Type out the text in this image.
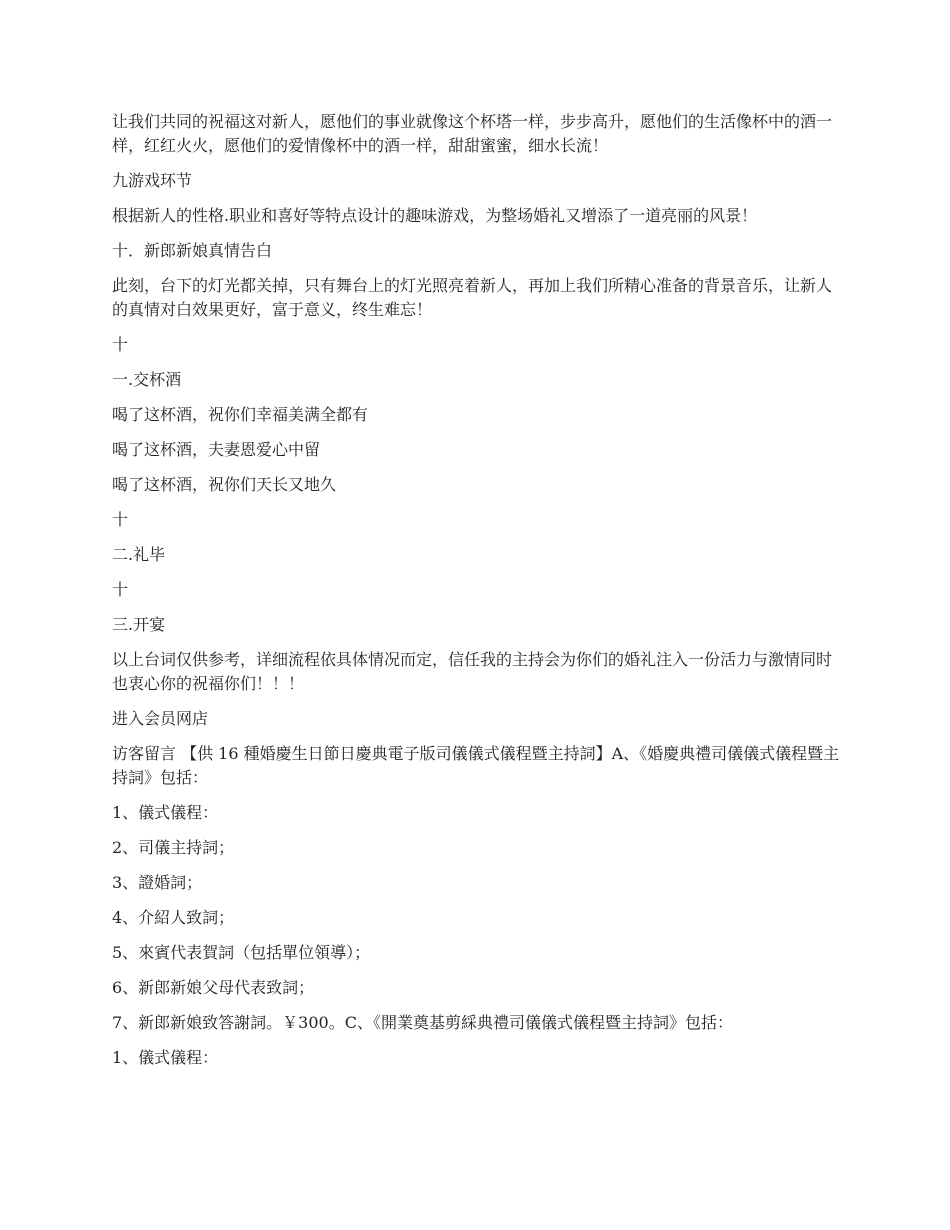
让我们共同的祝福这对新人，愿他们的事业就像这个杯塔一样，步步高升，愿他们的生活像杯中的酒一样，红红火火，愿他们的爱情像杯中的酒一样，甜甜蜜蜜，细水长流！

九游戏环节

根据新人的性格.职业和喜好等特点设计的趣味游戏，为整场婚礼又增添了一道亮丽的风景！

十．新郎新娘真情告白

此刻，台下的灯光都关掉，只有舞台上的灯光照亮着新人，再加上我们所精心准备的背景音乐，让新人的真情对白效果更好，富于意义，终生难忘！

十

一.交杯酒

喝了这杯酒，祝你们幸福美满全都有

喝了这杯酒，夫妻恩爱心中留

喝了这杯酒，祝你们天长又地久

十

二.礼毕

十

三.开宴

以上台词仅供参考，详细流程依具体情况而定，信任我的主持会为你们的婚礼注入一份活力与激情同时也衷心你的祝福你们！！！

进入会员网店

访客留言 【供 16 種婚慶生日節日慶典電子版司儀儀式儀程暨主持詞】A、《婚慶典禮司儀儀式儀程暨主持詞》包括：

1、儀式儀程：

2、司儀主持詞；

3、證婚詞；

4、介紹人致詞；

5、來賓代表賀詞（包括單位領導）；

6、新郎新娘父母代表致詞；

7、新郎新娘致答謝詞。￥300。C、《開業奠基剪綵典禮司儀儀式儀程暨主持詞》包括：

1、儀式儀程：
